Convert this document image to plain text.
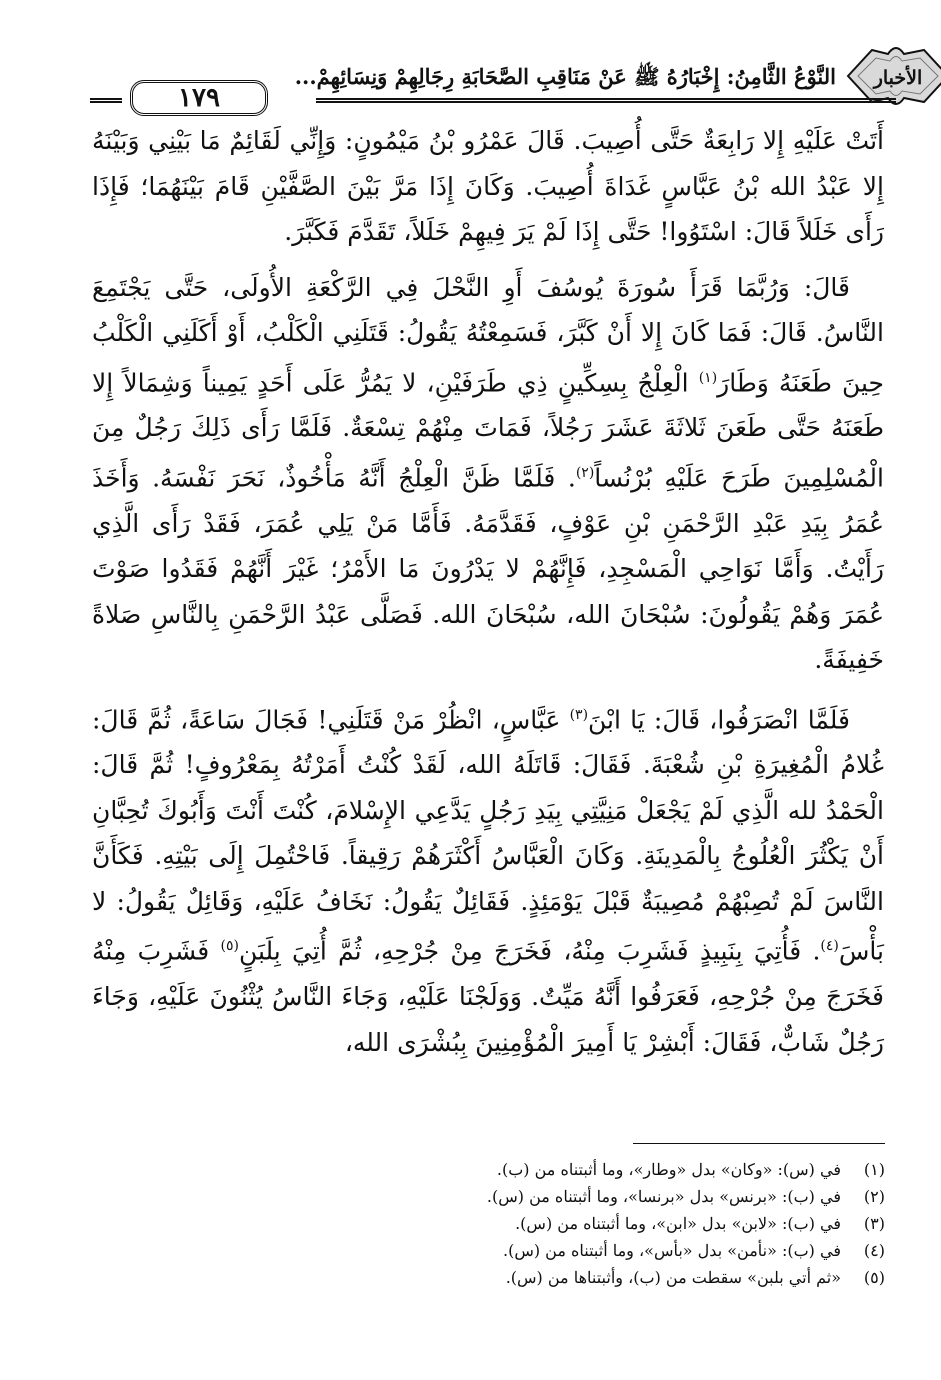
الأخبار
النَّوْعُ الثَّامِنُ: إِخْبَارُهُ ﷺ عَنْ مَنَاقِبِ الصَّحَابَةِ رِجَالِهِمْ وَنِسَائِهِمْ...
١٧٩

أَتَتْ عَلَيْهِ إِلا رَابِعَةٌ حَتَّى أُصِيبَ. قَالَ عَمْرُو بْنُ مَيْمُونٍ: وَإِنِّي لَقَائِمٌ مَا بَيْنِي وَبَيْنَهُ إِلا عَبْدُ الله بْنُ عَبَّاسٍ غَدَاةَ أُصِيبَ. وَكَانَ إِذَا مَرَّ بَيْنَ الصَّفَّيْنِ قَامَ بَيْنَهُمَا؛ فَإِذَا رَأَى خَلَلاً قَالَ: اسْتَوُوا! حَتَّى إِذَا لَمْ يَرَ فِيهِمْ خَلَلاً، تَقَدَّمَ فَكَبَّرَ.

قَالَ: وَرُبَّمَا قَرَأَ سُورَةَ يُوسُفَ أَوِ النَّحْلَ فِي الرَّكْعَةِ الأُولَى، حَتَّى يَجْتَمِعَ النَّاسُ. قَالَ: فَمَا كَانَ إِلا أَنْ كَبَّرَ، فَسَمِعْتُهُ يَقُولُ: قَتَلَنِي الْكَلْبُ، أَوْ أَكَلَنِي الْكَلْبُ حِينَ طَعَنَهُ وَطَارَ$^{(١)}$ الْعِلْجُ بِسِكِّينٍ ذِي طَرَفَيْنِ، لا يَمُرُّ عَلَى أَحَدٍ يَمِيناً وَشِمَالاً إِلا طَعَنَهُ حَتَّى طَعَنَ ثَلاثَةَ عَشَرَ رَجُلاً، فَمَاتَ مِنْهُمْ تِسْعَةٌ. فَلَمَّا رَأَى ذَلِكَ رَجُلٌ مِنَ الْمُسْلِمِينَ طَرَحَ عَلَيْهِ بُرْنُساً$^{(٢)}$. فَلَمَّا ظَنَّ الْعِلْجُ أَنَّهُ مَأْخُوذٌ، نَحَرَ نَفْسَهُ. وَأَخَذَ عُمَرُ بِيَدِ عَبْدِ الرَّحْمَنِ بْنِ عَوْفٍ، فَقَدَّمَهُ. فَأَمَّا مَنْ يَلِي عُمَرَ، فَقَدْ رَأَى الَّذِي رَأَيْتُ. وَأَمَّا نَوَاحِي الْمَسْجِدِ، فَإِنَّهُمْ لا يَدْرُونَ مَا الأَمْرُ؛ غَيْرَ أَنَّهُمْ فَقَدُوا صَوْتَ عُمَرَ وَهُمْ يَقُولُونَ: سُبْحَانَ الله، سُبْحَانَ الله. فَصَلَّى عَبْدُ الرَّحْمَنِ بِالنَّاسِ صَلاةً خَفِيفَةً.

فَلَمَّا انْصَرَفُوا، قَالَ: يَا ابْنَ$^{(٣)}$ عَبَّاسٍ، انْظُرْ مَنْ قَتَلَنِي! فَجَالَ سَاعَةً، ثُمَّ قَالَ: غُلامُ الْمُغِيرَةِ بْنِ شُعْبَةَ. فَقَالَ: قَاتَلَهُ الله، لَقَدْ كُنْتُ أَمَرْتُهُ بِمَعْرُوفٍ! ثُمَّ قَالَ: الْحَمْدُ لله الَّذِي لَمْ يَجْعَلْ مَنِيَّتِي بِيَدِ رَجُلٍ يَدَّعِي الإِسْلامَ، كُنْتَ أَنْتَ وَأَبُوكَ تُحِبَّانِ أَنْ يَكْثُرَ الْعُلُوجُ بِالْمَدِينَةِ. وَكَانَ الْعَبَّاسُ أَكْثَرَهُمْ رَقِيقاً. فَاحْتُمِلَ إِلَى بَيْتِهِ. فَكَأَنَّ النَّاسَ لَمْ تُصِبْهُمْ مُصِيبَةٌ قَبْلَ يَوْمَئِذٍ. فَقَائِلٌ يَقُولُ: نَخَافُ عَلَيْهِ، وَقَائِلٌ يَقُولُ: لا بَأْسَ$^{(٤)}$. فَأُتِيَ بِنَبِيذٍ فَشَرِبَ مِنْهُ، فَخَرَجَ مِنْ جُرْحِهِ، ثُمَّ أُتِيَ بِلَبَنٍ$^{(٥)}$ فَشَرِبَ مِنْهُ فَخَرَجَ مِنْ جُرْحِهِ، فَعَرَفُوا أَنَّهُ مَيِّتٌ. وَوَلَجْنَا عَلَيْهِ، وَجَاءَ النَّاسُ يُثْنُونَ عَلَيْهِ، وَجَاءَ رَجُلٌ شَابٌّ، فَقَالَ: أَبْشِرْ يَا أَمِيرَ الْمُؤْمِنِينَ بِبُشْرَى الله،

(١)في (س): «وكان» بدل «وطار»، وما أثبتناه من (ب).
(٢)في (ب): «برنس» بدل «برنسا»، وما أثبتناه من (س).
(٣)في (ب): «لابن» بدل «ابن»، وما أثبتناه من (س).
(٤)في (ب): «نأمن» بدل «بأس»، وما أثبتناه من (س).
(٥)«ثم أتي بلبن» سقطت من (ب)، وأثبتناها من (س).
